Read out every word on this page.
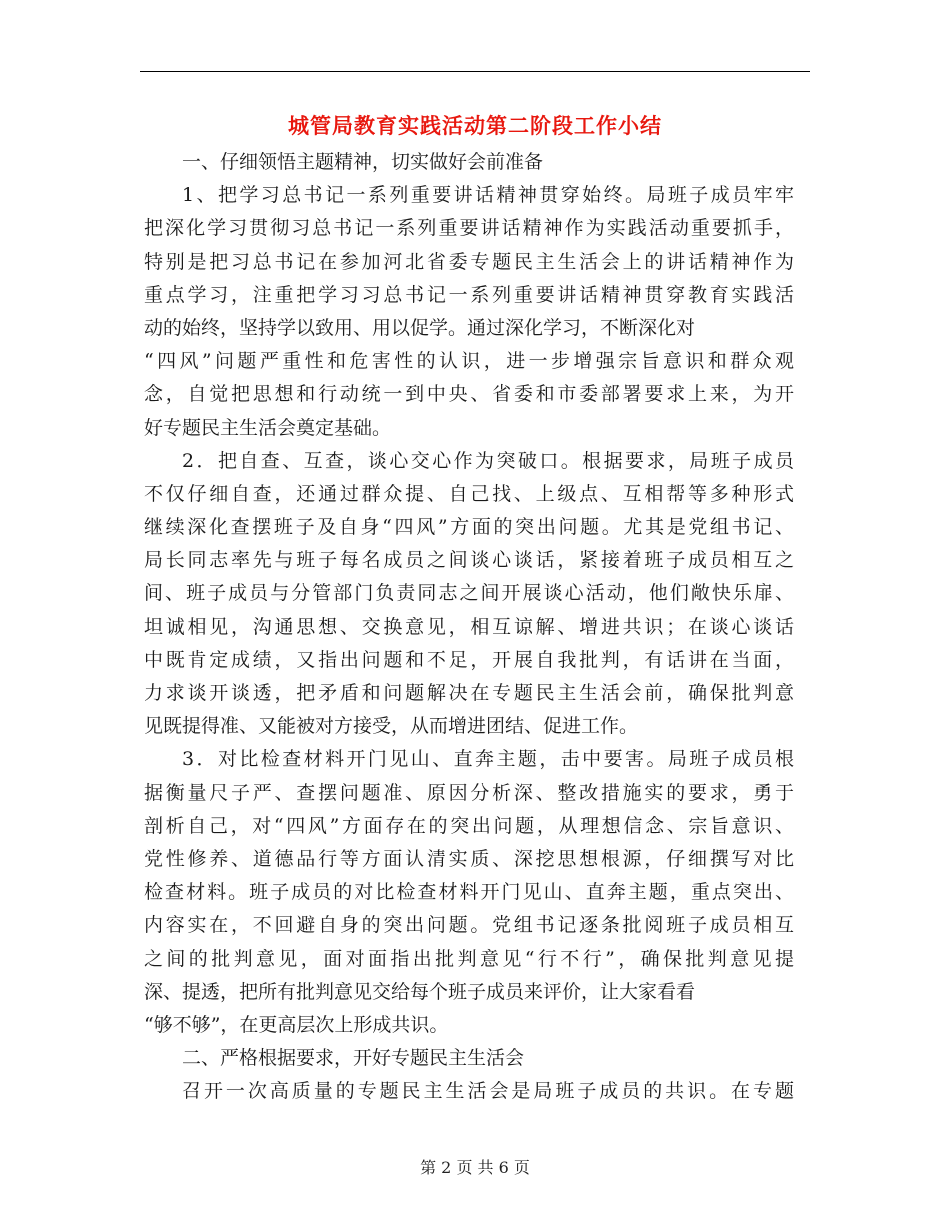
城管局教育实践活动第二阶段工作小结
一、仔细领悟主题精神，切实做好会前准备
1、把学习总书记一系列重要讲话精神贯穿始终。局班子成员牢牢
把深化学习贯彻习总书记一系列重要讲话精神作为实践活动重要抓手，
特别是把习总书记在参加河北省委专题民主生活会上的讲话精神作为
重点学习，注重把学习习总书记一系列重要讲话精神贯穿教育实践活
动的始终，坚持学以致用、用以促学。通过深化学习，不断深化对
“四风”问题严重性和危害性的认识，进一步增强宗旨意识和群众观
念，自觉把思想和行动统一到中央、省委和市委部署要求上来，为开
好专题民主生活会奠定基础。
2．把自查、互查，谈心交心作为突破口。根据要求，局班子成员
不仅仔细自查，还通过群众提、自己找、上级点、互相帮等多种形式
继续深化查摆班子及自身“四风”方面的突出问题。尤其是党组书记、
局长同志率先与班子每名成员之间谈心谈话，紧接着班子成员相互之
间、班子成员与分管部门负责同志之间开展谈心活动，他们敞快乐扉、
坦诚相见，沟通思想、交换意见，相互谅解、增进共识；在谈心谈话
中既肯定成绩，又指出问题和不足，开展自我批判，有话讲在当面，
力求谈开谈透，把矛盾和问题解决在专题民主生活会前，确保批判意
见既提得准、又能被对方接受，从而增进团结、促进工作。
3．对比检查材料开门见山、直奔主题，击中要害。局班子成员根
据衡量尺子严、查摆问题准、原因分析深、整改措施实的要求，勇于
剖析自己，对“四风”方面存在的突出问题，从理想信念、宗旨意识、
党性修养、道德品行等方面认清实质、深挖思想根源，仔细撰写对比
检查材料。班子成员的对比检查材料开门见山、直奔主题，重点突出、
内容实在，不回避自身的突出问题。党组书记逐条批阅班子成员相互
之间的批判意见，面对面指出批判意见“行不行”，确保批判意见提
深、提透，把所有批判意见交给每个班子成员来评价，让大家看看
“够不够”，在更高层次上形成共识。
二、严格根据要求，开好专题民主生活会
召开一次高质量的专题民主生活会是局班子成员的共识。在专题
第 2 页 共 6 页
